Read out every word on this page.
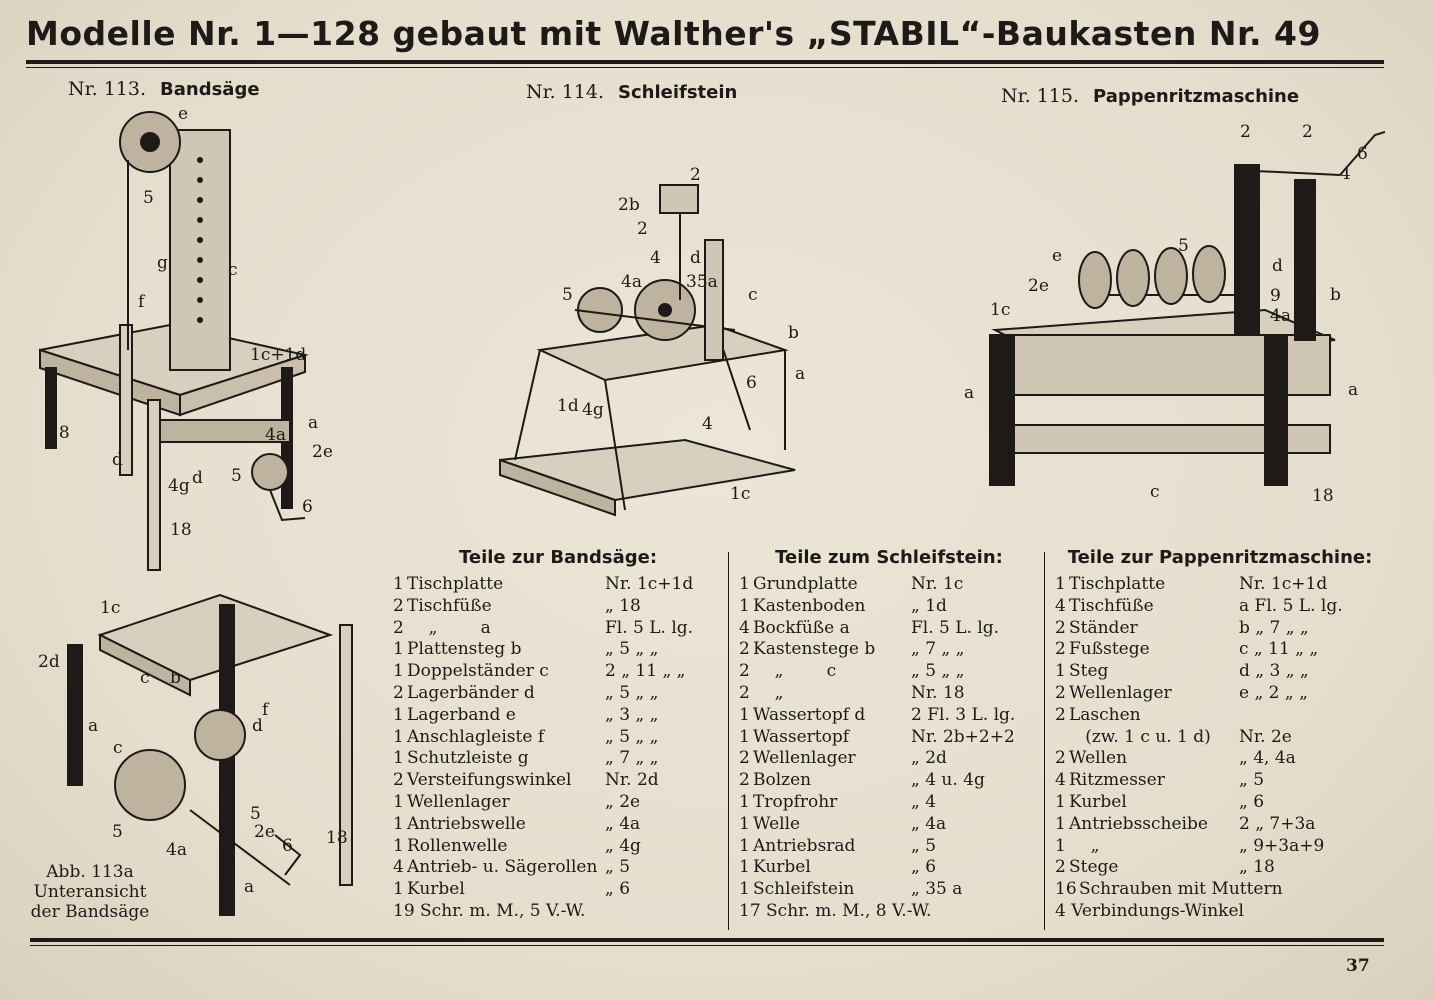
Modelle Nr. 1—128 gebaut mit Walther's „STABIL“-Baukasten Nr. 49
Nr. 113. Bandsäge	Nr. 114. Schleifstein	Nr. 115. Pappenritzmaschine
Abb. 113a
Unteransicht
der Bandsäge
e
5
g	c
f
1c+1d
18	a
4a
2e
d
4g d 5
6
18
1c
2d
b
c
d
f
a
c
5
5
4a
2e
6 18
a
2
2b
2
4 d
4a	35a
5	c
b
a
6
1d 4g
4
1c
2	2
6
4
5
d
b
e
2e
1c
9
4a
a	a
c	18
Teile zur Bandsäge:
1 Tischplatte	Nr. 1c+1d
2 Tischfüße	„ 18
2 „        a	Fl. 5 L. lg.
1 Plattensteg b	„ 5 „ „
1 Doppelständer c	2 „ 11 „ „
2 Lagerbänder d	„ 5 „ „
1 Lagerband e	„ 3 „ „
1 Anschlagleiste f	„ 5 „ „
1 Schutzleiste g	„ 7 „ „
2 Versteifungswinkel	Nr. 2d
1 Wellenlager	„ 2e
1 Antriebswelle	„ 4a
1 Rollenwelle	„ 4g
4 Antrieb- u. Sägerollen „ 5
1 Kurbel	„ 6
19 Schr. m. M., 5 V.-W.
Teile zum Schleifstein:
1 Grundplatte	Nr. 1c
1 Kastenboden	„ 1d
4 Bockfüße a	Fl. 5 L. lg.
2 Kastenstege b	„ 7 „ „
2 „        c	„ 5 „ „
2 „	Nr. 18
1 Wassertopf d	2 Fl. 3 L. lg.
1 Wassertopf	Nr. 2b+2+2
2 Wellenlager	„ 2d
2 Bolzen	„ 4 u. 4g
1 Tropfrohr	„ 4
1 Welle	„ 4a
1 Antriebsrad	„ 5
1 Kurbel	„ 6
1 Schleifstein	„ 35 a
17 Schr. m. M., 8 V.-W.
Teile zur Pappenritzmaschine:
1 Tischplatte	Nr. 1c+1d
4 Tischfüße	a Fl. 5 L. lg.
2 Ständer	b „ 7 „ „
2 Fußstege	c „ 11 „ „
1 Steg	d „ 3 „ „
2 Wellenlager	e „ 2 „ „
2 Laschen
(zw. 1 c u. 1 d)	Nr. 2e
2 Wellen	„ 4, 4a
4 Ritzmesser	„ 5
1 Kurbel	„ 6
1 Antriebsscheibe	2 „ 7+3a
1 „	„ 9+3a+9
2 Stege	„ 18
16 Schrauben mit Muttern
4 Verbindungs-Winkel
37
